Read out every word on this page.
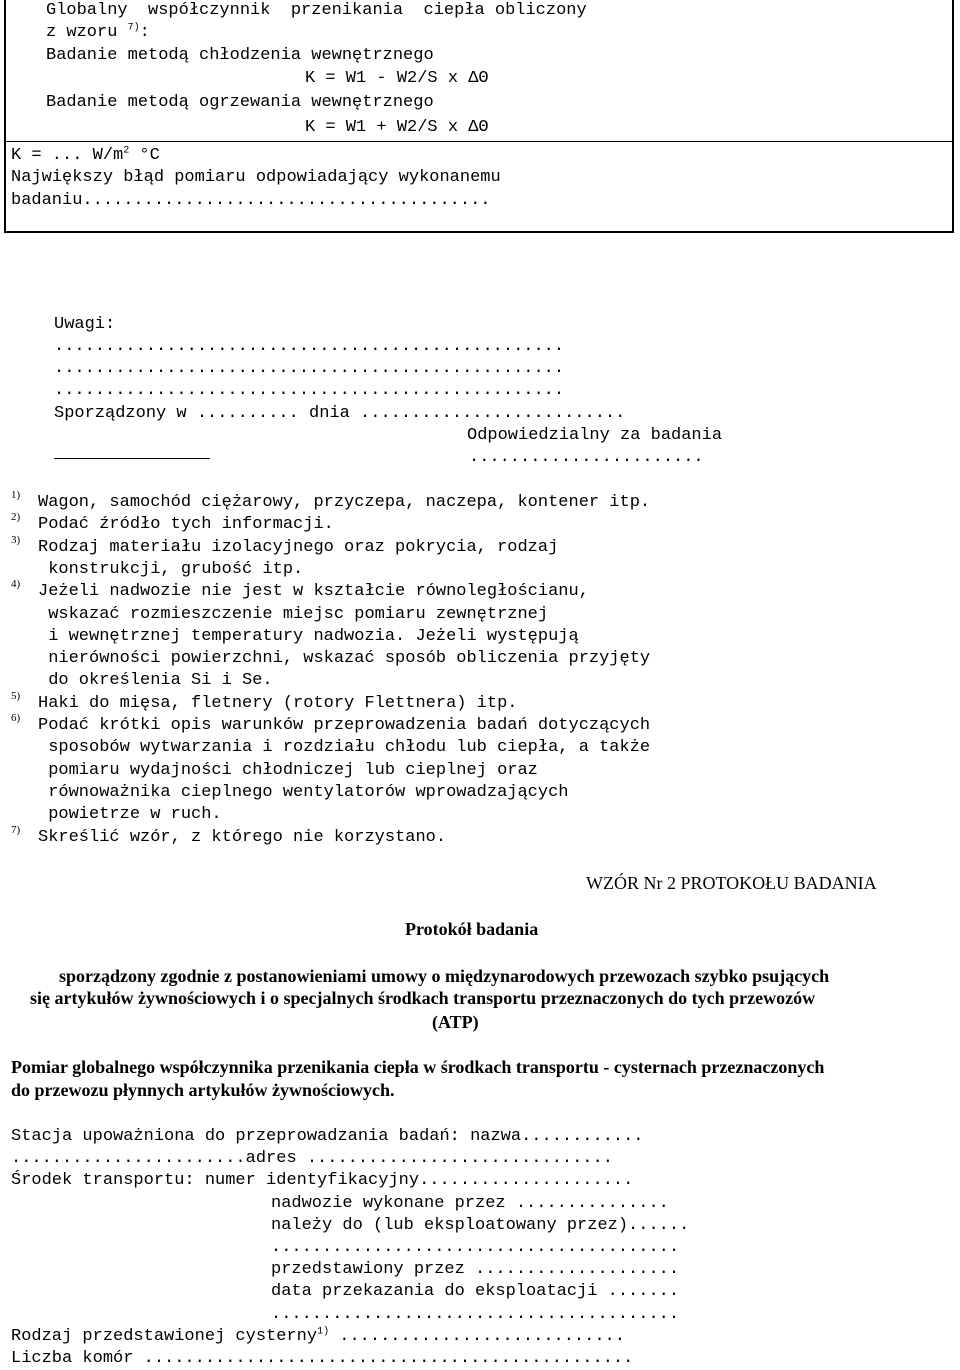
Globalny  współczynnik  przenikania  ciepła obliczony
z wzoru $^{7)}$:
Badanie metodą chłodzenia wewnętrznego
K = W1 - W2/S x ΔΘ
Badanie metodą ogrzewania wewnętrznego
K = W1 + W2/S x ΔΘ
K = ... $W/m^2$ °C
Największy błąd pomiaru odpowiadający wykonanemu
badaniu........................................
Uwagi:
..................................................
..................................................
..................................................
Sporządzony w .......... dnia ..........................
Odpowiedzialny za badania
.......................
1) Wagon, samochód ciężarowy, przyczepa, naczepa, kontener itp.
2) Podać źródło tych informacji.
3) Rodzaj materiału izolacyjnego oraz pokrycia, rodzaj
konstrukcji, grubość itp.
4) Jeżeli nadwozie nie jest w kształcie równoległościanu,
wskazać rozmieszczenie miejsc pomiaru zewnętrznej
i wewnętrznej temperatury nadwozia. Jeżeli występują
nierówności powierzchni, wskazać sposób obliczenia przyjęty
do określenia Si i Se.
5) Haki do mięsa, fletnery (rotory Flettnera) itp.
6) Podać krótki opis warunków przeprowadzenia badań dotyczących
sposobów wytwarzania i rozdziału chłodu lub ciepła, a także
pomiaru wydajności chłodniczej lub cieplnej oraz
równoważnika cieplnego wentylatorów wprowadzających
powietrze w ruch.
7) Skreślić wzór, z którego nie korzystano.
WZÓR Nr 2 PROTOKOŁU BADANIA
Protokół badania
sporządzony zgodnie z postanowieniami umowy o międzynarodowych przewozach szybko psujących
się artykułów żywnościowych i o specjalnych środkach transportu przeznaczonych do tych przewozów
(ATP)
Pomiar globalnego współczynnika przenikania ciepła w środkach transportu - cysternach przeznaczonych
do przewozu płynnych artykułów żywnościowych.
Stacja upoważniona do przeprowadzania badań: nazwa............
.......................adres ..............................
Środek transportu: numer identyfikacyjny.....................
nadwozie wykonane przez ...............
należy do (lub eksploatowany przez)......
........................................
przedstawiony przez ....................
data przekazania do eksploatacji .......
........................................
Rodzaj przedstawionej cysterny$^{1)}$ ............................
Liczba komór ................................................
